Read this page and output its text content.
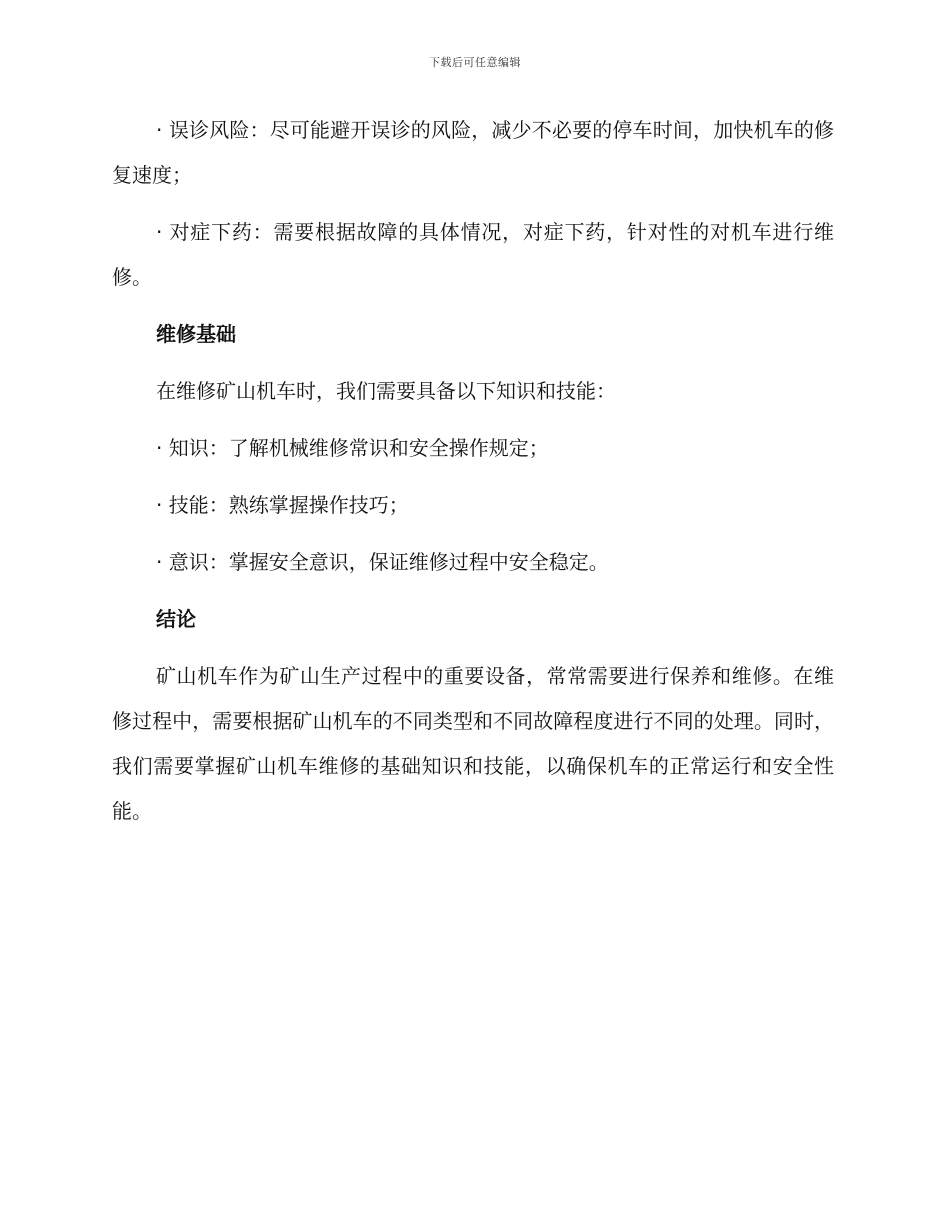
下载后可任意编辑

· 误诊风险：尽可能避开误诊的风险，减少不必要的停车时间，加快机车的修复速度；

· 对症下药：需要根据故障的具体情况，对症下药，针对性的对机车进行维修。

维修基础

在维修矿山机车时，我们需要具备以下知识和技能：

· 知识：了解机械维修常识和安全操作规定；

· 技能：熟练掌握操作技巧；

· 意识：掌握安全意识，保证维修过程中安全稳定。

结论

矿山机车作为矿山生产过程中的重要设备，常常需要进行保养和维修。在维修过程中，需要根据矿山机车的不同类型和不同故障程度进行不同的处理。同时，我们需要掌握矿山机车维修的基础知识和技能，以确保机车的正常运行和安全性能。
